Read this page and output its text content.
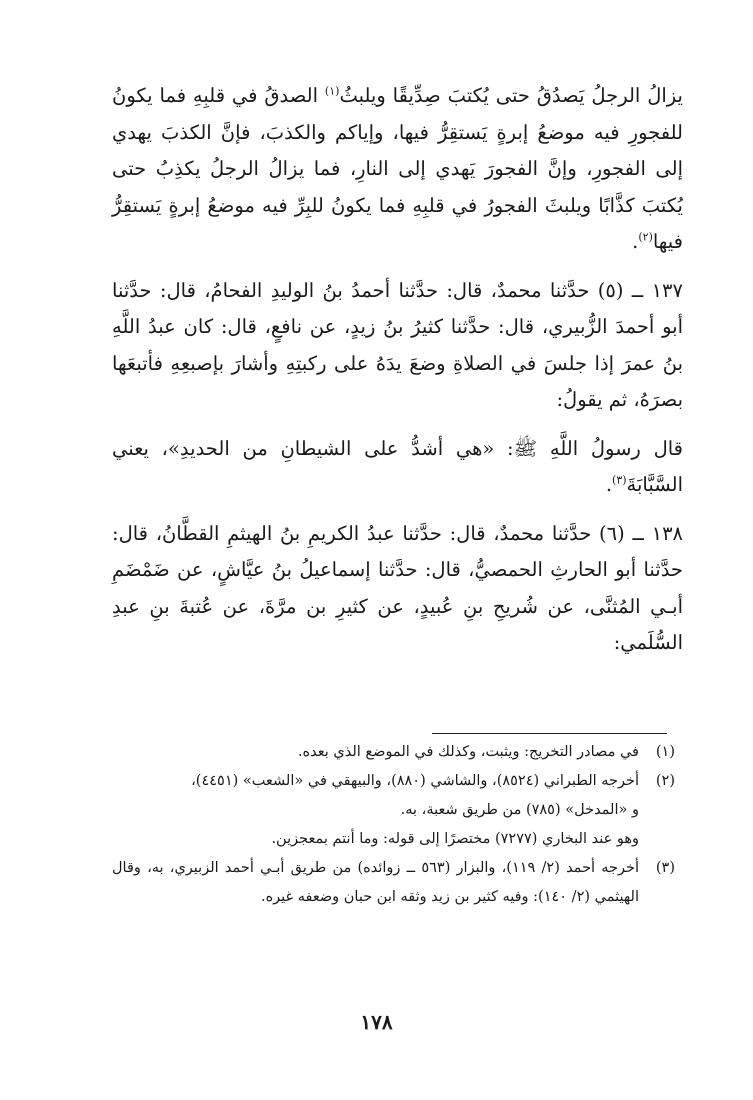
يزالُ الرجلُ يَصدُقُ حتى يُكتبَ صِدِّيقًا ويلبثُ$^{(١)}$ الصدقُ في قلبِهِ فما يكونُ للفجورِ فيه موضعُ إبرةٍ يَستقِرُّ فيها، وإياكم والكذبَ، فإنَّ الكذبَ يهدي إلى الفجورِ، وإنَّ الفجورَ يَهدي إلى النارِ، فما يزالُ الرجلُ يكذِبُ حتى يُكتبَ كذَّابًا ويلبثَ الفجورُ في قلبِهِ فما يكونُ للبِرِّ فيه موضعُ إبرةٍ يَستقِرُّ فيها$^{(٢)}$.

١٣٧ ــ (٥) حدَّثنا محمدٌ، قال: حدَّثنا أحمدُ بنُ الوليدِ الفحامُ، قال: حدَّثنا أبو أحمدَ الزُّبيري، قال: حدَّثنا كثيرُ بنُ زيدٍ، عن نافعٍ، قال: كان عبدُ اللَّهِ بنُ عمرَ إذا جلسَ في الصلاةِ وضعَ يدَهُ على ركبتِهِ وأشارَ بإصبعِهِ فأتبعَها بصرَهُ، ثم يقولُ:

قال رسولُ اللَّهِ ﷺ: «هي أشدُّ على الشيطانِ من الحديدِ»، يعني السَّبَّابَةَ$^{(٣)}$.

١٣٨ ــ (٦) حدَّثنا محمدٌ، قال: حدَّثنا عبدُ الكريمِ بنُ الهيثمِ القطَّانُ، قال: حدَّثنا أبو الحارثِ الحمصيُّ، قال: حدَّثنا إسماعيلُ بنُ عيَّاشٍ، عن ضَمْضَمِ أبـي المُثنَّى، عن شُريحِ بنِ عُبيدٍ، عن كثيرِ بن مرَّةَ، عن عُتبةَ بنِ عبدِ السُّلَمي:

(١)
في مصادر التخريج: ويثبت، وكذلك في الموضع الذي بعده.
(٢)
أخرجه الطبراني (٨٥٢٤)، والشاشي (٨٨٠)، والبيهقي في «الشعب» (٤٤٥١)،
و «المدخل» (٧٨٥) من طريق شعبة، به.
وهو عند البخاري (٧٢٧٧) مختصرًا إلى قوله: وما أنتم بمعجزين.
(٣)
أخرجه أحمد (٢/ ١١٩)، والبزار (٥٦٣ ــ زوائده) من طريق أبـي أحمد الزبيري، به، وقال الهيثمي (٢/ ١٤٠): وفيه كثير بن زيد وثقه ابن حبان وضعفه غيره.
١٧٨
